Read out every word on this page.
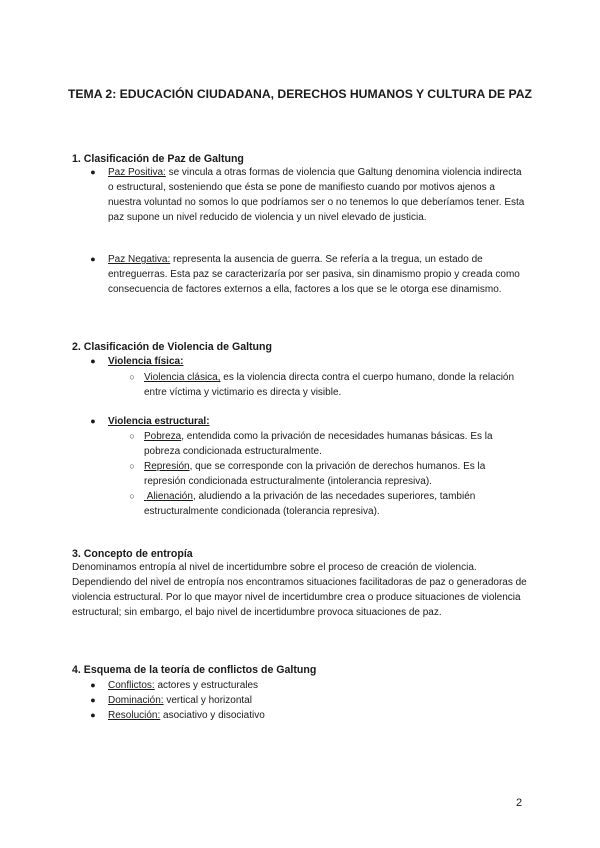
TEMA 2: EDUCACIÓN CIUDADANA, DERECHOS HUMANOS Y CULTURA DE PAZ
1. Clasificación de Paz de Galtung
●	Paz Positiva: se vincula a otras formas de violencia que Galtung denomina violencia indirecta o estructural, sosteniendo que ésta se pone de manifiesto cuando por motivos ajenos a nuestra voluntad no somos lo que podríamos ser o no tenemos lo que deberíamos tener. Esta paz supone un nivel reducido de violencia y un nivel elevado de justicia.
●	Paz Negativa: representa la ausencia de guerra. Se refería a la tregua, un estado de entreguerras. Esta paz se caracterizaría por ser pasiva, sin dinamismo propio y creada como consecuencia de factores externos a ella, factores a los que se le otorga ese dinamismo.
2. Clasificación de Violencia de Galtung
●	Violencia física:
○ Violencia clásica, es la violencia directa contra el cuerpo humano, donde la relación entre víctima y victimario es directa y visible.
●	Violencia estructural:
○ Pobreza, entendida como la privación de necesidades humanas básicas. Es la pobreza condicionada estructuralmente.
○ Represión, que se corresponde con la privación de derechos humanos. Es la represión condicionada estructuralmente (intolerancia represiva).
○ Alienación, aludiendo a la privación de las necedades superiores, también estructuralmente condicionada (tolerancia represiva).
3. Concepto de entropía
Denominamos entropía al nivel de incertidumbre sobre el proceso de creación de violencia. Dependiendo del nivel de entropía nos encontramos situaciones facilitadoras de paz o generadoras de violencia estructural. Por lo que mayor nivel de incertidumbre crea o produce situaciones de violencia estructural; sin embargo, el bajo nivel de incertidumbre provoca situaciones de paz.
4. Esquema de la teoría de conflictos de Galtung
●	Conflictos: actores y estructurales
●	Dominación: vertical y horizontal
●	Resolución: asociativo y disociativo
2
